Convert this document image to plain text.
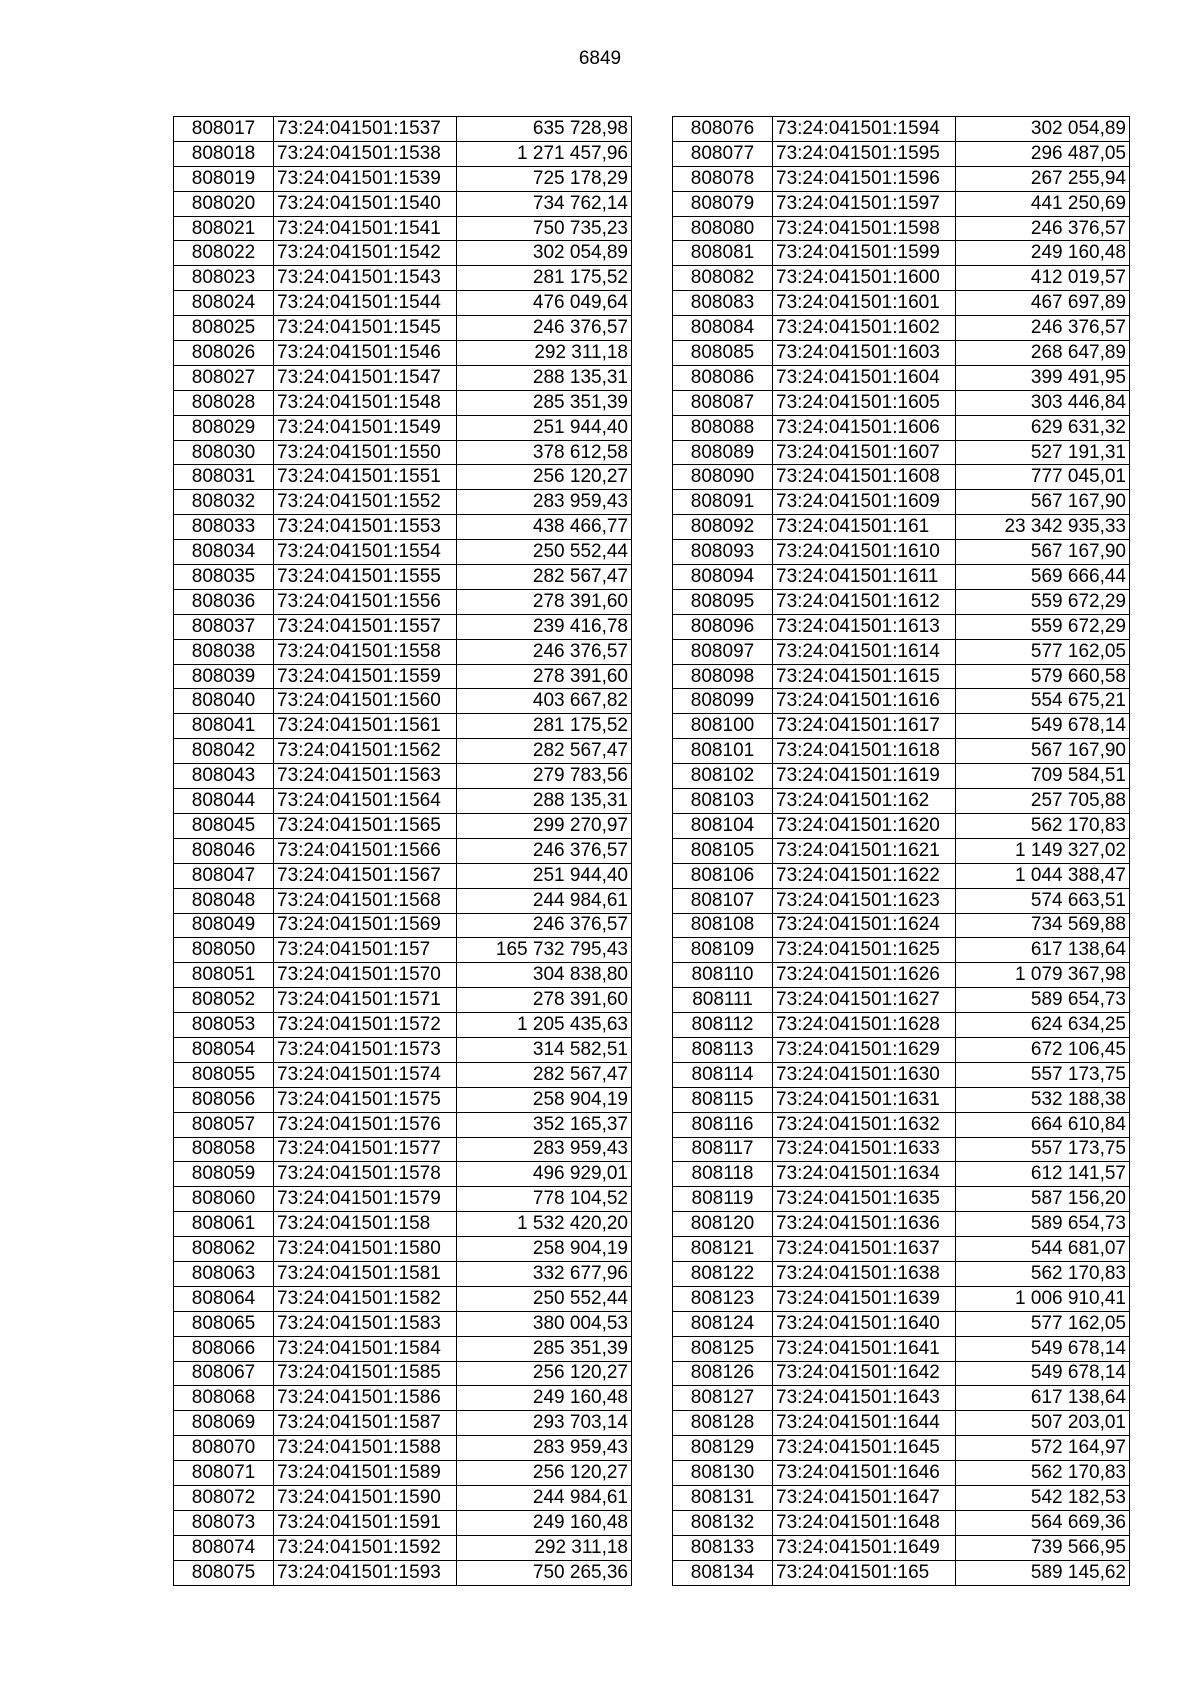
6849
808017	73:24:041501:1537	635 728,98
808018	73:24:041501:1538	1 271 457,96
808019	73:24:041501:1539	725 178,29
808020	73:24:041501:1540	734 762,14
808021	73:24:041501:1541	750 735,23
808022	73:24:041501:1542	302 054,89
808023	73:24:041501:1543	281 175,52
808024	73:24:041501:1544	476 049,64
808025	73:24:041501:1545	246 376,57
808026	73:24:041501:1546	292 311,18
808027	73:24:041501:1547	288 135,31
808028	73:24:041501:1548	285 351,39
808029	73:24:041501:1549	251 944,40
808030	73:24:041501:1550	378 612,58
808031	73:24:041501:1551	256 120,27
808032	73:24:041501:1552	283 959,43
808033	73:24:041501:1553	438 466,77
808034	73:24:041501:1554	250 552,44
808035	73:24:041501:1555	282 567,47
808036	73:24:041501:1556	278 391,60
808037	73:24:041501:1557	239 416,78
808038	73:24:041501:1558	246 376,57
808039	73:24:041501:1559	278 391,60
808040	73:24:041501:1560	403 667,82
808041	73:24:041501:1561	281 175,52
808042	73:24:041501:1562	282 567,47
808043	73:24:041501:1563	279 783,56
808044	73:24:041501:1564	288 135,31
808045	73:24:041501:1565	299 270,97
808046	73:24:041501:1566	246 376,57
808047	73:24:041501:1567	251 944,40
808048	73:24:041501:1568	244 984,61
808049	73:24:041501:1569	246 376,57
808050	73:24:041501:157	165 732 795,43
808051	73:24:041501:1570	304 838,80
808052	73:24:041501:1571	278 391,60
808053	73:24:041501:1572	1 205 435,63
808054	73:24:041501:1573	314 582,51
808055	73:24:041501:1574	282 567,47
808056	73:24:041501:1575	258 904,19
808057	73:24:041501:1576	352 165,37
808058	73:24:041501:1577	283 959,43
808059	73:24:041501:1578	496 929,01
808060	73:24:041501:1579	778 104,52
808061	73:24:041501:158	1 532 420,20
808062	73:24:041501:1580	258 904,19
808063	73:24:041501:1581	332 677,96
808064	73:24:041501:1582	250 552,44
808065	73:24:041501:1583	380 004,53
808066	73:24:041501:1584	285 351,39
808067	73:24:041501:1585	256 120,27
808068	73:24:041501:1586	249 160,48
808069	73:24:041501:1587	293 703,14
808070	73:24:041501:1588	283 959,43
808071	73:24:041501:1589	256 120,27
808072	73:24:041501:1590	244 984,61
808073	73:24:041501:1591	249 160,48
808074	73:24:041501:1592	292 311,18
808075	73:24:041501:1593	750 265,36
808076	73:24:041501:1594	302 054,89
808077	73:24:041501:1595	296 487,05
808078	73:24:041501:1596	267 255,94
808079	73:24:041501:1597	441 250,69
808080	73:24:041501:1598	246 376,57
808081	73:24:041501:1599	249 160,48
808082	73:24:041501:1600	412 019,57
808083	73:24:041501:1601	467 697,89
808084	73:24:041501:1602	246 376,57
808085	73:24:041501:1603	268 647,89
808086	73:24:041501:1604	399 491,95
808087	73:24:041501:1605	303 446,84
808088	73:24:041501:1606	629 631,32
808089	73:24:041501:1607	527 191,31
808090	73:24:041501:1608	777 045,01
808091	73:24:041501:1609	567 167,90
808092	73:24:041501:161	23 342 935,33
808093	73:24:041501:1610	567 167,90
808094	73:24:041501:1611	569 666,44
808095	73:24:041501:1612	559 672,29
808096	73:24:041501:1613	559 672,29
808097	73:24:041501:1614	577 162,05
808098	73:24:041501:1615	579 660,58
808099	73:24:041501:1616	554 675,21
808100	73:24:041501:1617	549 678,14
808101	73:24:041501:1618	567 167,90
808102	73:24:041501:1619	709 584,51
808103	73:24:041501:162	257 705,88
808104	73:24:041501:1620	562 170,83
808105	73:24:041501:1621	1 149 327,02
808106	73:24:041501:1622	1 044 388,47
808107	73:24:041501:1623	574 663,51
808108	73:24:041501:1624	734 569,88
808109	73:24:041501:1625	617 138,64
808110	73:24:041501:1626	1 079 367,98
808111	73:24:041501:1627	589 654,73
808112	73:24:041501:1628	624 634,25
808113	73:24:041501:1629	672 106,45
808114	73:24:041501:1630	557 173,75
808115	73:24:041501:1631	532 188,38
808116	73:24:041501:1632	664 610,84
808117	73:24:041501:1633	557 173,75
808118	73:24:041501:1634	612 141,57
808119	73:24:041501:1635	587 156,20
808120	73:24:041501:1636	589 654,73
808121	73:24:041501:1637	544 681,07
808122	73:24:041501:1638	562 170,83
808123	73:24:041501:1639	1 006 910,41
808124	73:24:041501:1640	577 162,05
808125	73:24:041501:1641	549 678,14
808126	73:24:041501:1642	549 678,14
808127	73:24:041501:1643	617 138,64
808128	73:24:041501:1644	507 203,01
808129	73:24:041501:1645	572 164,97
808130	73:24:041501:1646	562 170,83
808131	73:24:041501:1647	542 182,53
808132	73:24:041501:1648	564 669,36
808133	73:24:041501:1649	739 566,95
808134	73:24:041501:165	589 145,62
